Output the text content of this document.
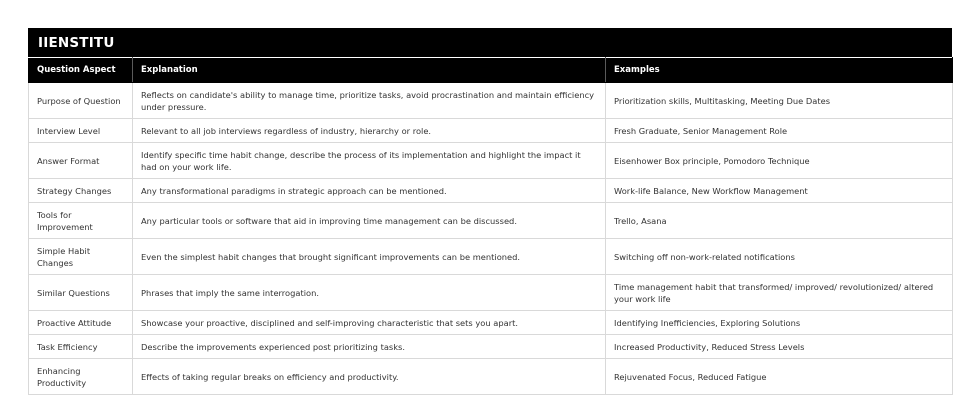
IIENSTITU
Question Aspect	Explanation	Examples
Purpose of Question	Reflects on candidate's ability to manage time, prioritize tasks, avoid procrastination and maintain efficiency under pressure.	Prioritization skills, Multitasking, Meeting Due Dates
Interview Level	Relevant to all job interviews regardless of industry, hierarchy or role.	Fresh Graduate, Senior Management Role
Answer Format	Identify specific time habit change, describe the process of its implementation and highlight the impact it had on your work life.	Eisenhower Box principle, Pomodoro Technique
Strategy Changes	Any transformational paradigms in strategic approach can be mentioned.	Work-life Balance, New Workflow Management
Tools for Improvement	Any particular tools or software that aid in improving time management can be discussed.	Trello, Asana
Simple Habit Changes	Even the simplest habit changes that brought significant improvements can be mentioned.	Switching off non-work-related notifications
Similar Questions	Phrases that imply the same interrogation.	Time management habit that transformed/ improved/ revolutionized/ altered your work life
Proactive Attitude	Showcase your proactive, disciplined and self-improving characteristic that sets you apart.	Identifying Inefficiencies, Exploring Solutions
Task Efficiency	Describe the improvements experienced post prioritizing tasks.	Increased Productivity, Reduced Stress Levels
Enhancing Productivity	Effects of taking regular breaks on efficiency and productivity.	Rejuvenated Focus, Reduced Fatigue
